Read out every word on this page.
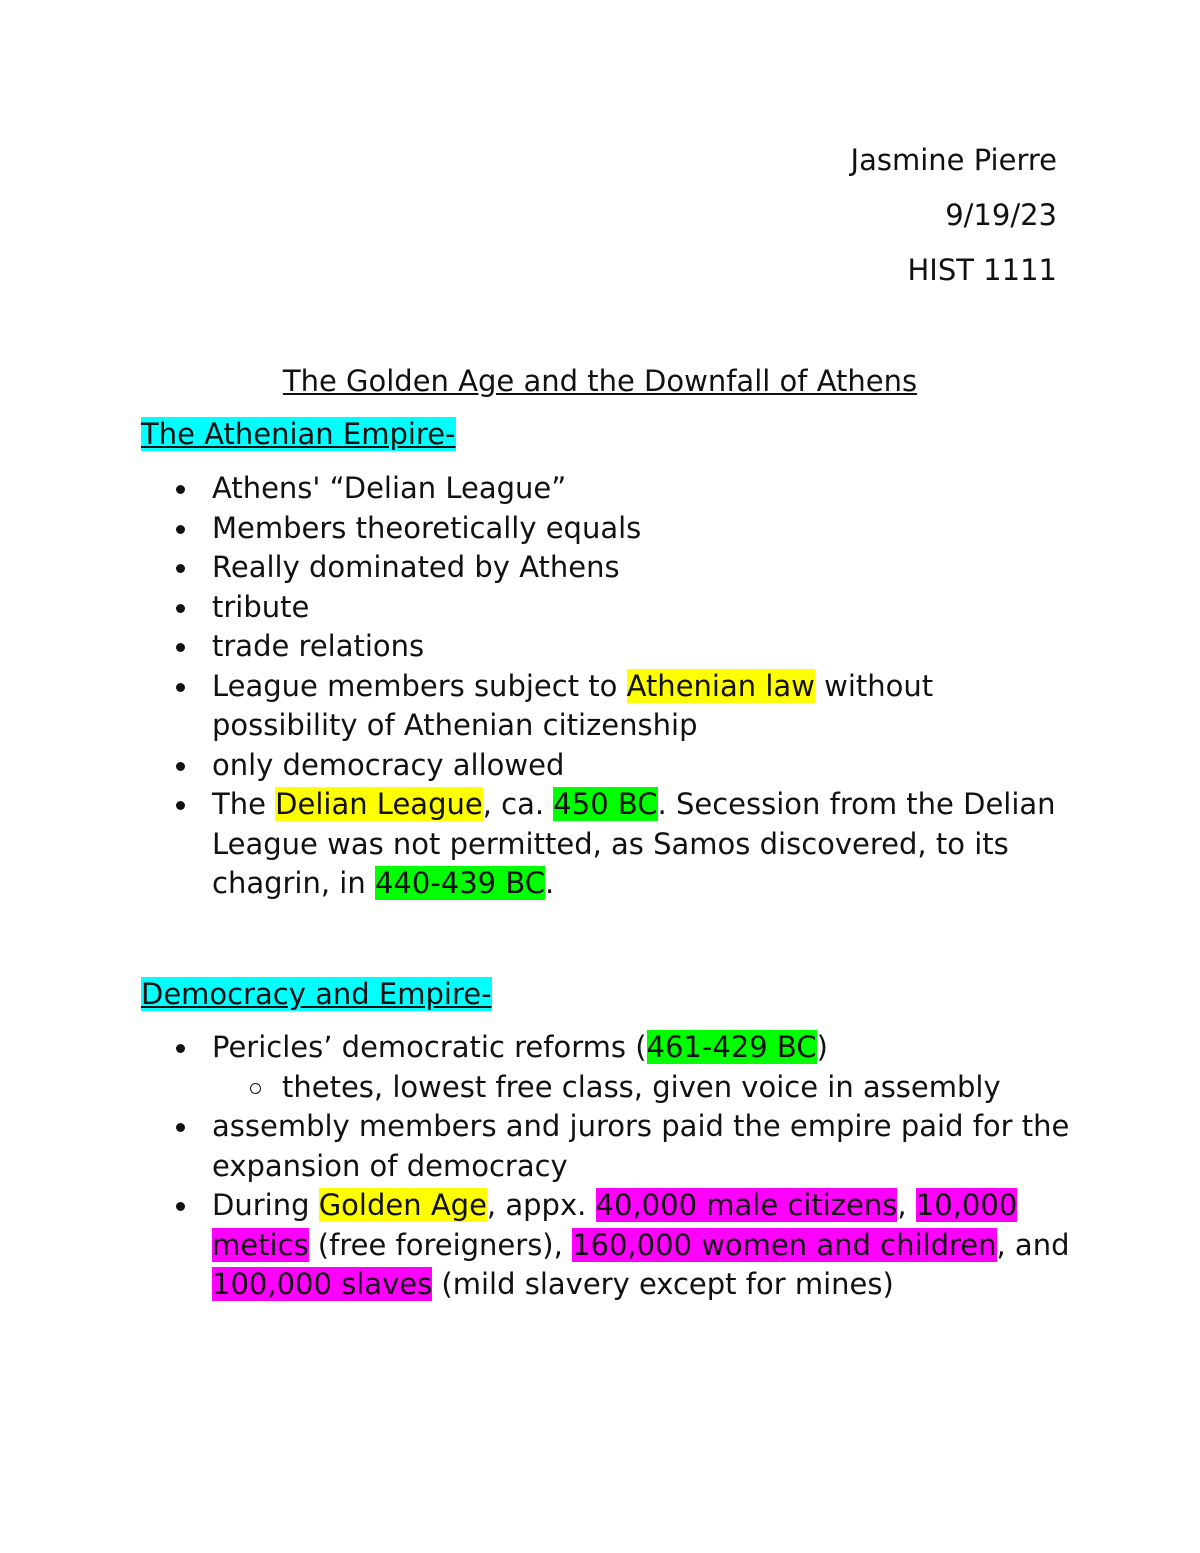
Jasmine Pierre
9/19/23
HIST 1111
The Golden Age and the Downfall of Athens
The Athenian Empire-
Athens' “Delian League”
Members theoretically equals
Really dominated by Athens
tribute
trade relations
League members subject to Athenian law without possibility of Athenian citizenship
only democracy allowed
The Delian League, ca. 450 BC. Secession from the Delian League was not permitted, as Samos discovered, to its chagrin, in 440-439 BC.
Democracy and Empire-
Pericles’ democratic reforms (461-429 BC)
thetes, lowest free class, given voice in assembly
assembly members and jurors paid the empire paid for the expansion of democracy
During Golden Age, appx. 40,000 male citizens, 10,000 metics (free foreigners), 160,000 women and children, and 100,000 slaves (mild slavery except for mines)
